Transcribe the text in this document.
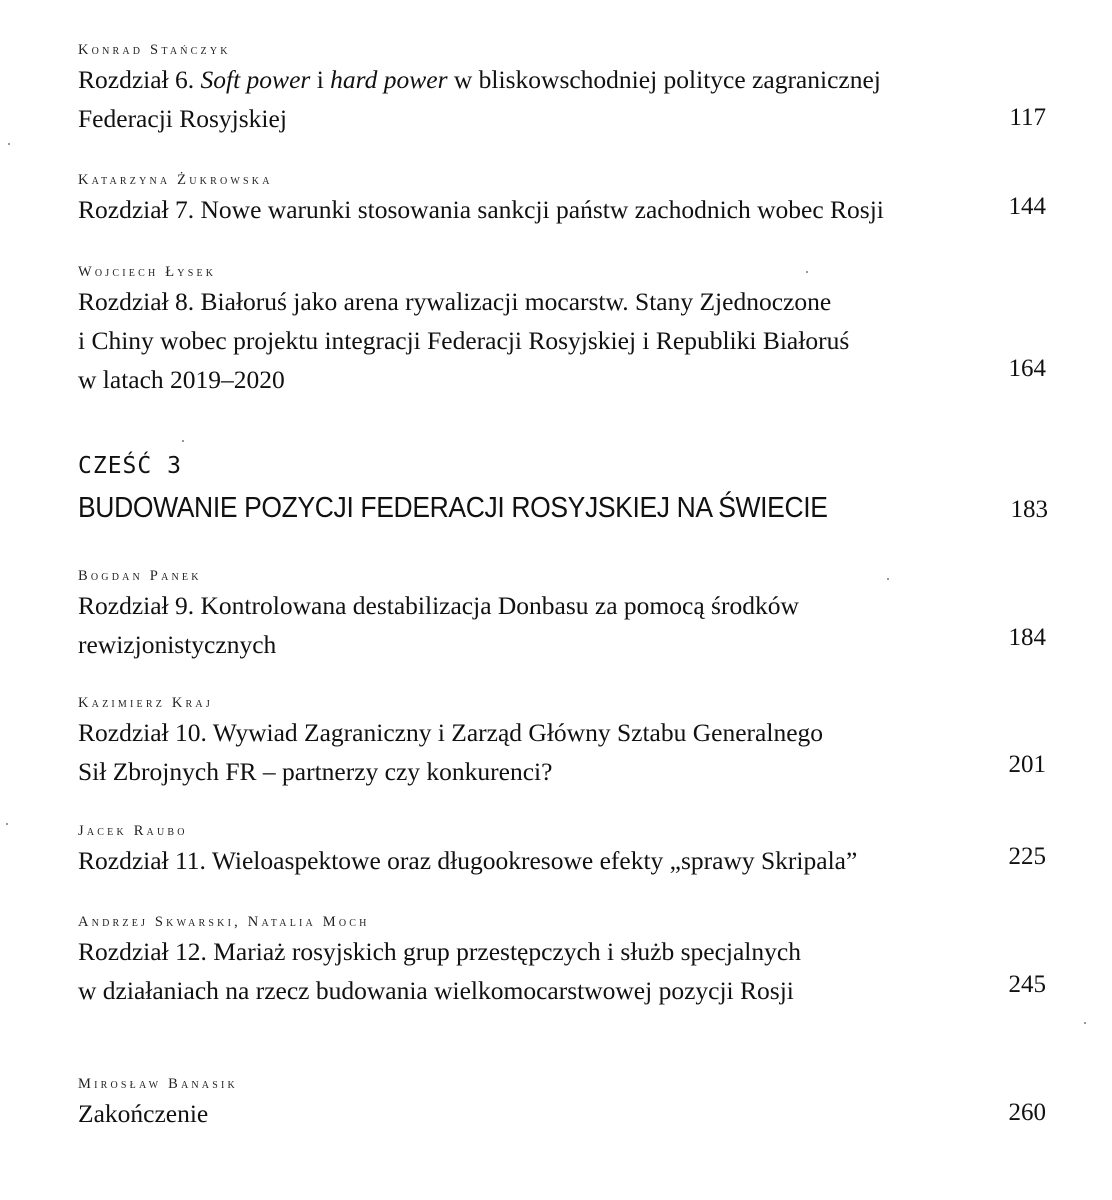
Konrad Stańczyk
Rozdział 6. Soft power i hard power w bliskowschodniej polityce zagranicznej
Federacji Rosyjskiej	117
Katarzyna Żukrowska
Rozdział 7. Nowe warunki stosowania sankcji państw zachodnich wobec Rosji	144
Wojciech Łysek
Rozdział 8. Białoruś jako arena rywalizacji mocarstw. Stany Zjednoczone
i Chiny wobec projektu integracji Federacji Rosyjskiej i Republiki Białoruś
w latach 2019–2020	164
CZEŚĆ 3
BUDOWANIE POZYCJI FEDERACJI ROSYJSKIEJ NA ŚWIECIE	183
Bogdan Panek
Rozdział 9. Kontrolowana destabilizacja Donbasu za pomocą środków
rewizjonistycznych	184
Kazimierz Kraj
Rozdział 10. Wywiad Zagraniczny i Zarząd Główny Sztabu Generalnego
Sił Zbrojnych FR – partnerzy czy konkurenci?	201
Jacek Raubo
Rozdział 11. Wieloaspektowe oraz długookresowe efekty „sprawy Skripala”	225
Andrzej Skwarski, Natalia Moch
Rozdział 12. Mariaż rosyjskich grup przestępczych i służb specjalnych
w działaniach na rzecz budowania wielkomocarstwowej pozycji Rosji	245
Mirosław Banasik
Zakończenie	260
